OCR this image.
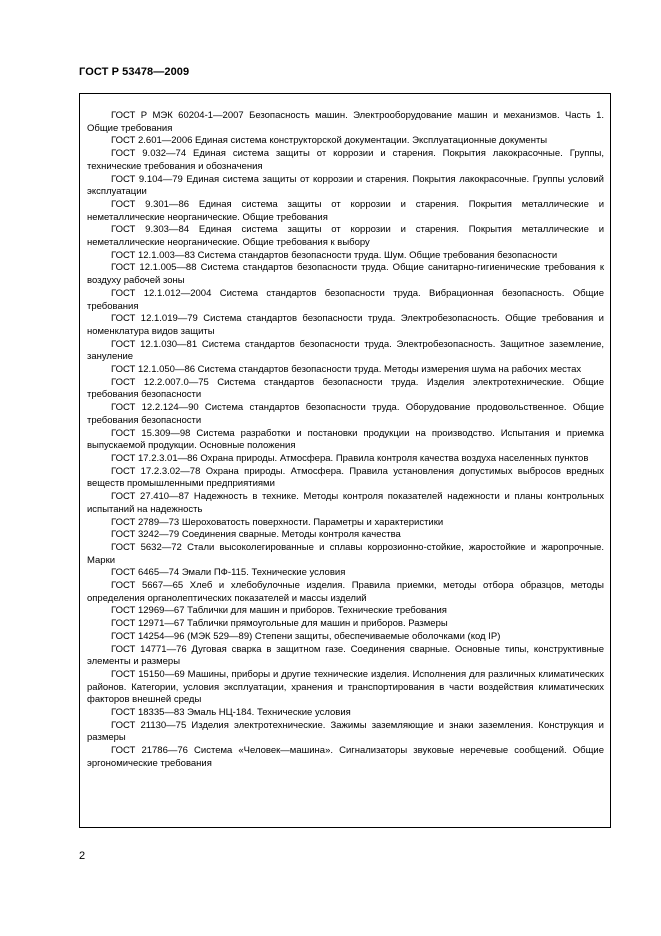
ГОСТ Р 53478—2009

ГОСТ Р МЭК 60204-1—2007 Безопасность машин. Электрооборудование машин и механизмов. Часть 1. Общие требования

ГОСТ 2.601—2006 Единая система конструкторской документации. Эксплуатационные документы

ГОСТ 9.032—74 Единая система защиты от коррозии и старения. Покрытия лакокрасочные. Группы, технические требования и обозначения

ГОСТ 9.104—79 Единая система защиты от коррозии и старения. Покрытия лакокрасочные. Группы условий эксплуатации

ГОСТ 9.301—86 Единая система защиты от коррозии и старения. Покрытия металлические и неметаллические неорганические. Общие требования

ГОСТ 9.303—84 Единая система защиты от коррозии и старения. Покрытия металлические и неметаллические неорганические. Общие требования к выбору

ГОСТ 12.1.003—83 Система стандартов безопасности труда. Шум. Общие требования безопасности

ГОСТ 12.1.005—88 Система стандартов безопасности труда. Общие санитарно-гигиенические требования к воздуху рабочей зоны

ГОСТ 12.1.012—2004 Система стандартов безопасности труда. Вибрационная безопасность. Общие требования

ГОСТ 12.1.019—79 Система стандартов безопасности труда. Электробезопасность. Общие требования и номенклатура видов защиты

ГОСТ 12.1.030—81 Система стандартов безопасности труда. Электробезопасность. Защитное заземление, зануление

ГОСТ 12.1.050—86 Система стандартов безопасности труда. Методы измерения шума на рабочих местах

ГОСТ 12.2.007.0—75 Система стандартов безопасности труда. Изделия электротехнические. Общие требования безопасности

ГОСТ 12.2.124—90 Система стандартов безопасности труда. Оборудование продовольственное. Общие требования безопасности

ГОСТ 15.309—98 Система разработки и постановки продукции на производство. Испытания и приемка выпускаемой продукции. Основные положения

ГОСТ 17.2.3.01—86 Охрана природы. Атмосфера. Правила контроля качества воздуха населенных пунктов

ГОСТ 17.2.3.02—78 Охрана природы. Атмосфера. Правила установления допустимых выбросов вредных веществ промышленными предприятиями

ГОСТ 27.410—87 Надежность в технике. Методы контроля показателей надежности и планы контрольных испытаний на надежность

ГОСТ 2789—73 Шероховатость поверхности. Параметры и характеристики

ГОСТ 3242—79 Соединения сварные. Методы контроля качества

ГОСТ 5632—72 Стали высоколегированные и сплавы коррозионно-стойкие, жаростойкие и жаропрочные. Марки

ГОСТ 6465—74 Эмали ПФ-115. Технические условия

ГОСТ 5667—65 Хлеб и хлебобулочные изделия. Правила приемки, методы отбора образцов, методы определения органолептических показателей и массы изделий

ГОСТ 12969—67 Таблички для машин и приборов. Технические требования

ГОСТ 12971—67 Таблички прямоугольные для машин и приборов. Размеры

ГОСТ 14254—96 (МЭК 529—89) Степени защиты, обеспечиваемые оболочками (код IP)

ГОСТ 14771—76 Дуговая сварка в защитном газе. Соединения сварные. Основные типы, конструктивные элементы и размеры

ГОСТ 15150—69 Машины, приборы и другие технические изделия. Исполнения для различных климатических районов. Категории, условия эксплуатации, хранения и транспортирования в части воздействия климатических факторов внешней среды

ГОСТ 18335—83 Эмаль НЦ-184. Технические условия

ГОСТ 21130—75 Изделия электротехнические. Зажимы заземляющие и знаки заземления. Конструкция и размеры

ГОСТ 21786—76 Система «Человек—машина». Сигнализаторы звуковые неречевые сообщений. Общие эргономические требования

2
